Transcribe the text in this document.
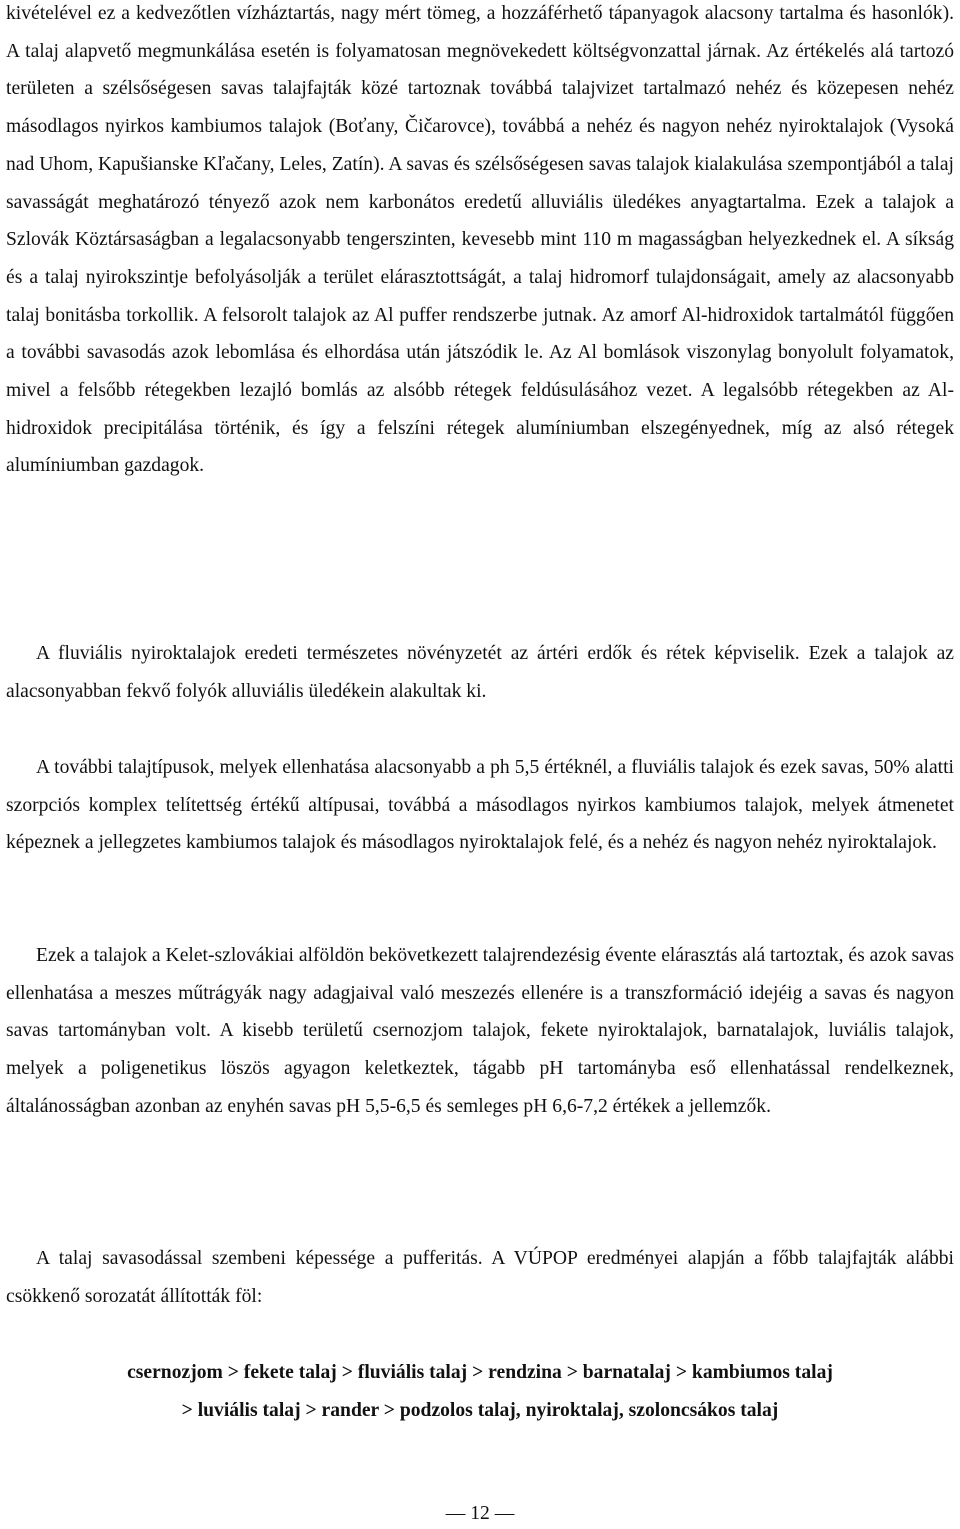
kivételével ez a kedvezőtlen vízháztartás, nagy mért tömeg, a hozzáférhető tápanyagok alacsony tartalma és hasonlók). A talaj alapvető megmunkálása esetén is folyamatosan megnövekedett költségvonzattal járnak. Az értékelés alá tartozó területen a szélsőségesen savas talajfajták közé tartoznak továbbá talajvizet tartalmazó nehéz és közepesen nehéz másodlagos nyirkos kambiumos talajok (Boťany, Čičarovce), továbbá a nehéz és nagyon nehéz nyiroktalajok (Vysoká nad Uhom, Kapušianske Kľačany, Leles, Zatín). A savas és szélsőségesen savas talajok kialakulása szempontjából a talaj savasságát meghatározó tényező azok nem karbonátos eredetű alluviális üledékes anyagtartalma. Ezek a talajok a Szlovák Köztársaságban a legalacsonyabb tengerszinten, kevesebb mint 110 m magasságban helyezkednek el. A síkság és a talaj nyirokszintje befolyásolják a terület elárasztottságát, a talaj hidromorf tulajdonságait, amely az alacsonyabb talaj bonitásba torkollik. A felsorolt talajok az Al puffer rendszerbe jutnak. Az amorf Al-hidroxidok tartalmától függően a további savasodás azok lebomlása és elhordása után játszódik le. Az Al bomlások viszonylag bonyolult folyamatok, mivel a felsőbb rétegekben lezajló bomlás az alsóbb rétegek feldúsulásához vezet. A legalsóbb rétegekben az Al-hidroxidok precipitálása történik, és így a felszíni rétegek alumíniumban elszegényednek, míg az alsó rétegek alumíniumban gazdagok.

A fluviális nyiroktalajok eredeti természetes növényzetét az ártéri erdők és rétek képviselik. Ezek a talajok az alacsonyabban fekvő folyók alluviális üledékein alakultak ki.

A további talajtípusok, melyek ellenhatása alacsonyabb a ph 5,5 értéknél, a fluviális talajok és ezek savas, 50% alatti szorpciós komplex telítettség értékű altípusai, továbbá a másodlagos nyirkos kambiumos talajok, melyek átmenetet képeznek a jellegzetes kambiumos talajok és másodlagos nyiroktalajok felé, és a nehéz és nagyon nehéz nyiroktalajok.

Ezek a talajok a Kelet-szlovákiai alföldön bekövetkezett talajrendezésig évente elárasztás alá tartoztak, és azok savas ellenhatása a meszes műtrágyák nagy adagjaival való meszezés ellenére is a transzformáció idejéig a savas és nagyon savas tartományban volt. A kisebb területű csernozjom talajok, fekete nyiroktalajok, barnatalajok, luviális talajok, melyek a poligenetikus löszös agyagon keletkeztek, tágabb pH tartományba eső ellenhatással rendelkeznek, általánosságban azonban az enyhén savas pH 5,5-6,5 és semleges pH 6,6-7,2 értékek a jellemzők.

A talaj savasodással szembeni képessége a pufferitás. A VÚPOP eredményei alapján a főbb talajfajták alábbi csökkenő sorozatát állították föl:

csernozjom > fekete talaj > fluviális talaj > rendzina > barnatalaj > kambiumos talaj
> luviális talaj > rander > podzolos talaj, nyiroktalaj, szoloncsákos talaj

— 12 —
